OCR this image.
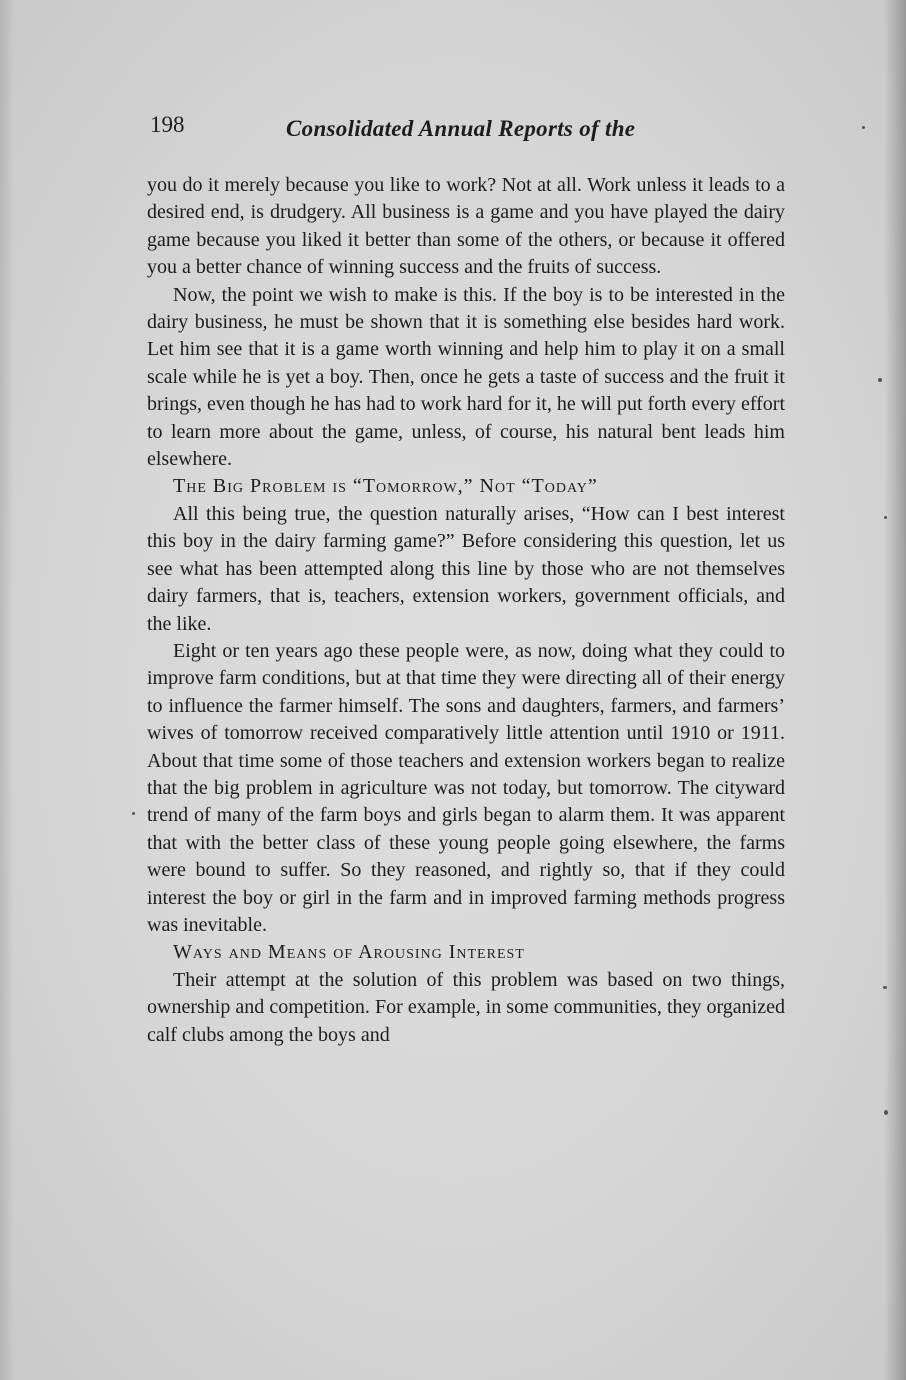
198	Consolidated Annual Reports of the

you do it merely because you like to work? Not at all. Work unless it leads to a desired end, is drudgery. All business is a game and you have played the dairy game because you liked it better than some of the others, or because it offered you a better chance of winning success and the fruits of success.

Now, the point we wish to make is this. If the boy is to be interested in the dairy business, he must be shown that it is something else besides hard work. Let him see that it is a game worth winning and help him to play it on a small scale while he is yet a boy. Then, once he gets a taste of success and the fruit it brings, even though he has had to work hard for it, he will put forth every effort to learn more about the game, unless, of course, his natural bent leads him elsewhere.

The Big Problem is “Tomorrow,” Not “Today”

All this being true, the question naturally arises, “How can I best interest this boy in the dairy farming game?” Before considering this question, let us see what has been attempted along this line by those who are not themselves dairy farmers, that is, teachers, extension workers, government officials, and the like.

Eight or ten years ago these people were, as now, doing what they could to improve farm conditions, but at that time they were directing all of their energy to influence the farmer himself. The sons and daughters, farmers, and farmers’ wives of tomorrow received comparatively little attention until 1910 or 1911. About that time some of those teachers and extension workers began to realize that the big problem in agriculture was not today, but tomorrow. The cityward trend of many of the farm boys and girls began to alarm them. It was apparent that with the better class of these young people going elsewhere, the farms were bound to suffer. So they reasoned, and rightly so, that if they could interest the boy or girl in the farm and in improved farming methods progress was inevitable.

Ways and Means of Arousing Interest

Their attempt at the solution of this problem was based on two things, ownership and competition. For example, in some communities, they organized calf clubs among the boys and
